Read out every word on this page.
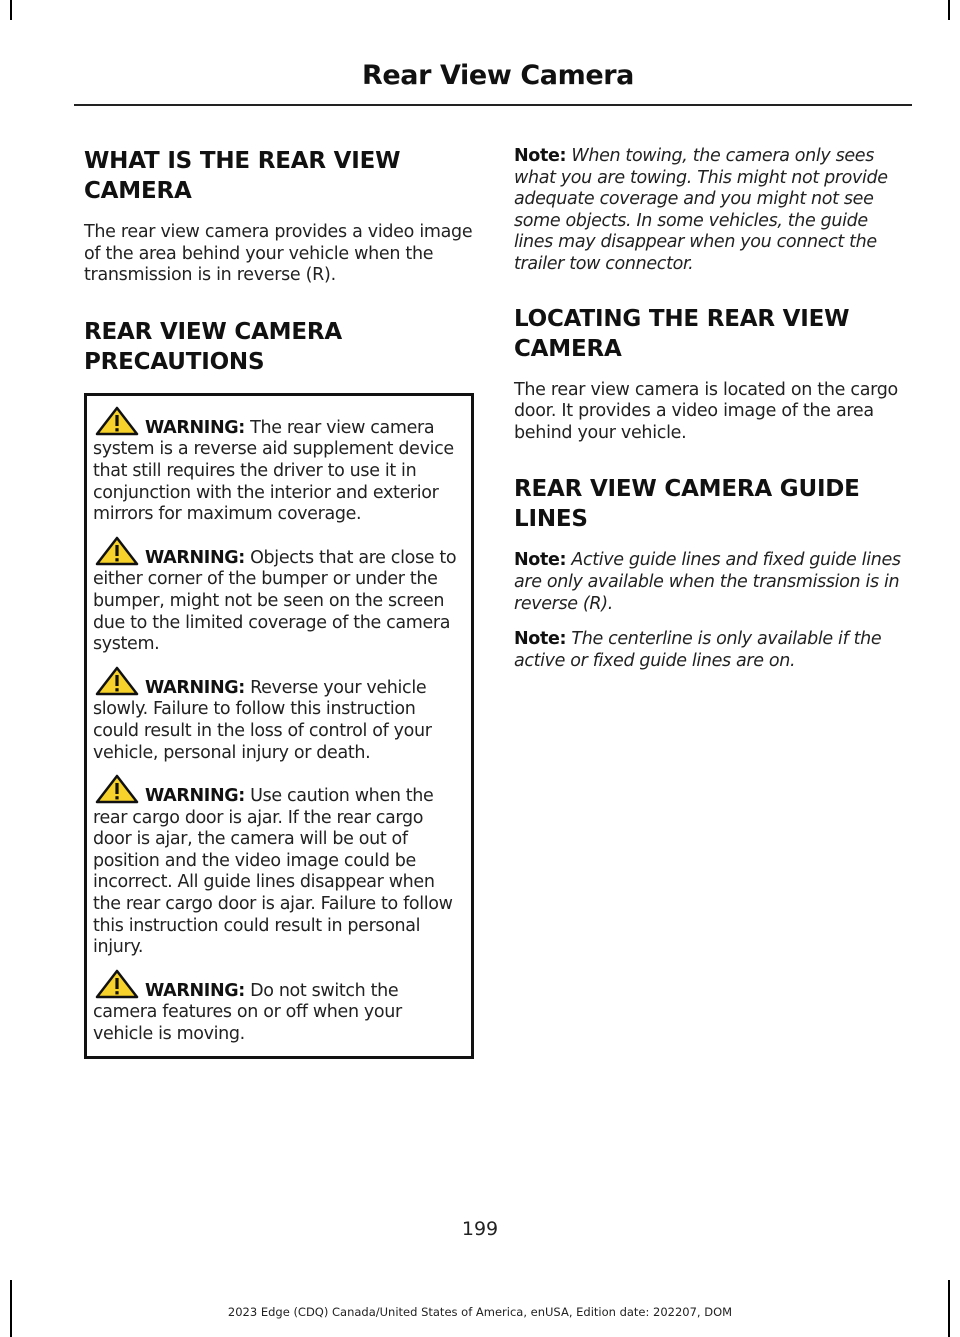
Rear View Camera
WHAT IS THE REAR VIEW
CAMERA

The rear view camera provides a video image of the area behind your vehicle when the transmission is in reverse (R).

REAR VIEW CAMERA
PRECAUTIONS

WARNING: The rear view camera system is a reverse aid supplement device that still requires the driver to use it in conjunction with the interior and exterior mirrors for maximum coverage.

WARNING: Objects that are close to either corner of the bumper or under the bumper, might not be seen on the screen due to the limited coverage of the camera system.

WARNING: Reverse your vehicle slowly. Failure to follow this instruction could result in the loss of control of your vehicle, personal injury or death.

WARNING: Use caution when the rear cargo door is ajar. If the rear cargo door is ajar, the camera will be out of position and the video image could be incorrect. All guide lines disappear when the rear cargo door is ajar. Failure to follow this instruction could result in personal injury.

WARNING: Do not switch the camera features on or off when your vehicle is moving.

Note: When towing, the camera only sees what you are towing. This might not provide adequate coverage and you might not see some objects. In some vehicles, the guide lines may disappear when you connect the trailer tow connector.

LOCATING THE REAR VIEW
CAMERA

The rear view camera is located on the cargo door. It provides a video image of the area behind your vehicle.

REAR VIEW CAMERA GUIDE
LINES

Note: Active guide lines and fixed guide lines are only available when the transmission is in reverse (R).

Note: The centerline is only available if the active or fixed guide lines are on.

199
2023 Edge (CDQ) Canada/United States of America, enUSA, Edition date: 202207, DOM
